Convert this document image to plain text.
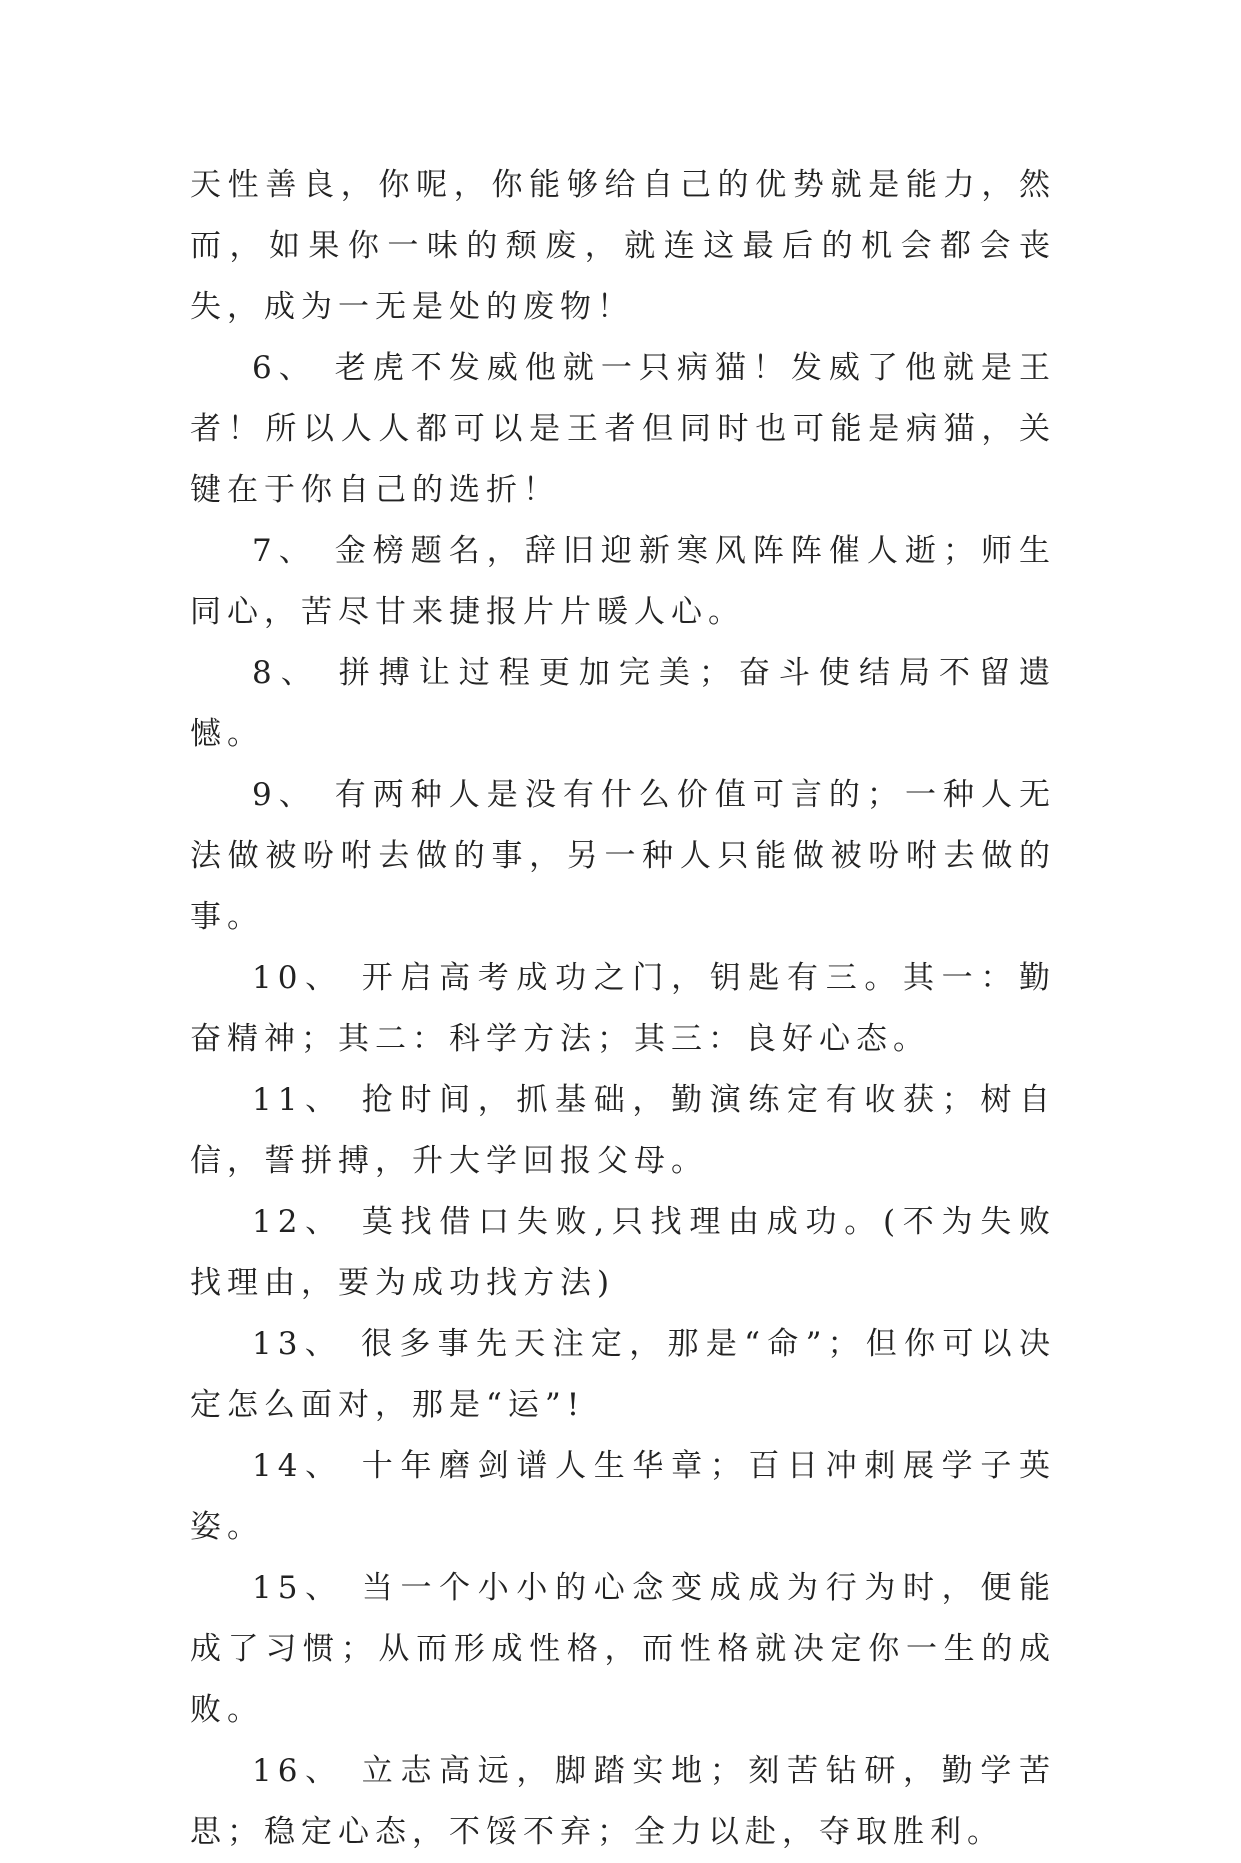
天性善良，你呢，你能够给自己的优势就是能力，然而，如果你一味的颓废，就连这最后的机会都会丧失，成为一无是处的废物！

6、 老虎不发威他就一只病猫！发威了他就是王者！所以人人都可以是王者但同时也可能是病猫，关键在于你自己的选折！

7、 金榜题名，辞旧迎新寒风阵阵催人逝；师生同心，苦尽甘来捷报片片暖人心。

8、 拼搏让过程更加完美；奋斗使结局不留遗憾。

9、 有两种人是没有什么价值可言的；一种人无法做被吩咐去做的事，另一种人只能做被吩咐去做的事。

10、 开启高考成功之门，钥匙有三。其一：勤奋精神；其二：科学方法；其三：良好心态。

11、 抢时间，抓基础，勤演练定有收获；树自信，誓拼搏，升大学回报父母。

12、 莫找借口失败,只找理由成功。(不为失败找理由，要为成功找方法)

13、 很多事先天注定，那是“命”；但你可以决定怎么面对，那是“运”!

14、 十年磨剑谱人生华章；百日冲刺展学子英姿。

15、 当一个小小的心念变成成为行为时，便能成了习惯；从而形成性格，而性格就决定你一生的成败。

16、 立志高远，脚踏实地；刻苦钻研，勤学苦思；稳定心态，不馁不弃；全力以赴，夺取胜利。
